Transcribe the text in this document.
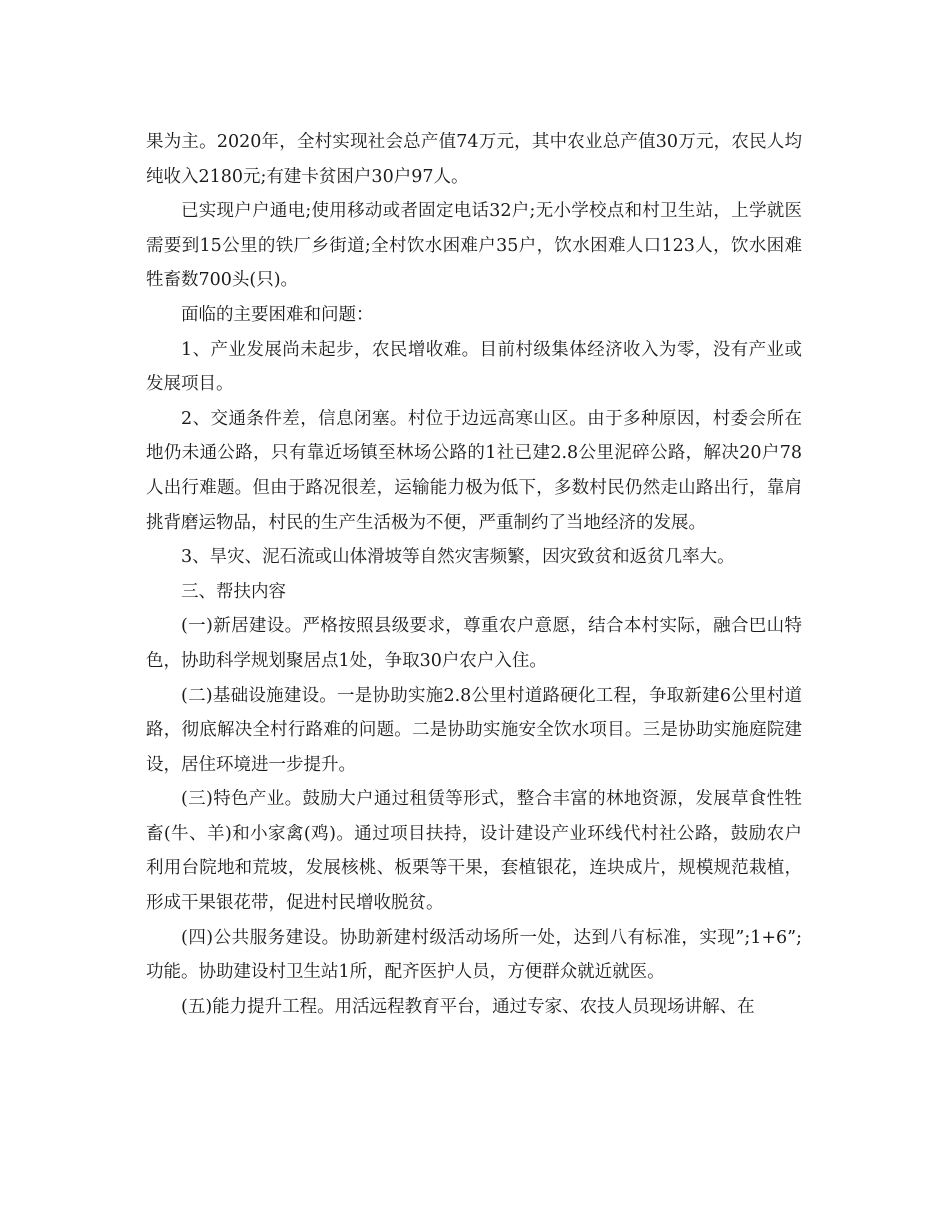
果为主。2020年，全村实现社会总产值74万元，其中农业总产值30万元，农民人均纯收入2180元;有建卡贫困户30户97人。

已实现户户通电;使用移动或者固定电话32户;无小学校点和村卫生站，上学就医需要到15公里的铁厂乡街道;全村饮水困难户35户，饮水困难人口123人，饮水困难牲畜数700头(只)。

面临的主要困难和问题：

1、产业发展尚未起步，农民增收难。目前村级集体经济收入为零，没有产业或发展项目。

2、交通条件差，信息闭塞。村位于边远高寒山区。由于多种原因，村委会所在地仍未通公路，只有靠近场镇至林场公路的1社已建2.8公里泥碎公路，解决20户78人出行难题。但由于路况很差，运输能力极为低下，多数村民仍然走山路出行，靠肩挑背磨运物品，村民的生产生活极为不便，严重制约了当地经济的发展。

3、旱灾、泥石流或山体滑坡等自然灾害频繁，因灾致贫和返贫几率大。

三、帮扶内容

(一)新居建设。严格按照县级要求，尊重农户意愿，结合本村实际，融合巴山特色，协助科学规划聚居点1处，争取30户农户入住。

(二)基础设施建设。一是协助实施2.8公里村道路硬化工程，争取新建6公里村道路，彻底解决全村行路难的问题。二是协助实施安全饮水项目。三是协助实施庭院建设，居住环境进一步提升。

(三)特色产业。鼓励大户通过租赁等形式，整合丰富的林地资源，发展草食性牲畜(牛、羊)和小家禽(鸡)。通过项目扶持，设计建设产业环线代村社公路，鼓励农户利用台院地和荒坡，发展核桃、板栗等干果，套植银花，连块成片，规模规范栽植，形成干果银花带，促进村民增收脱贫。

(四)公共服务建设。协助新建村级活动场所一处，达到八有标准，实现”;1+6”;功能。协助建设村卫生站1所，配齐医护人员，方便群众就近就医。

(五)能力提升工程。用活远程教育平台，通过专家、农技人员现场讲解、在
